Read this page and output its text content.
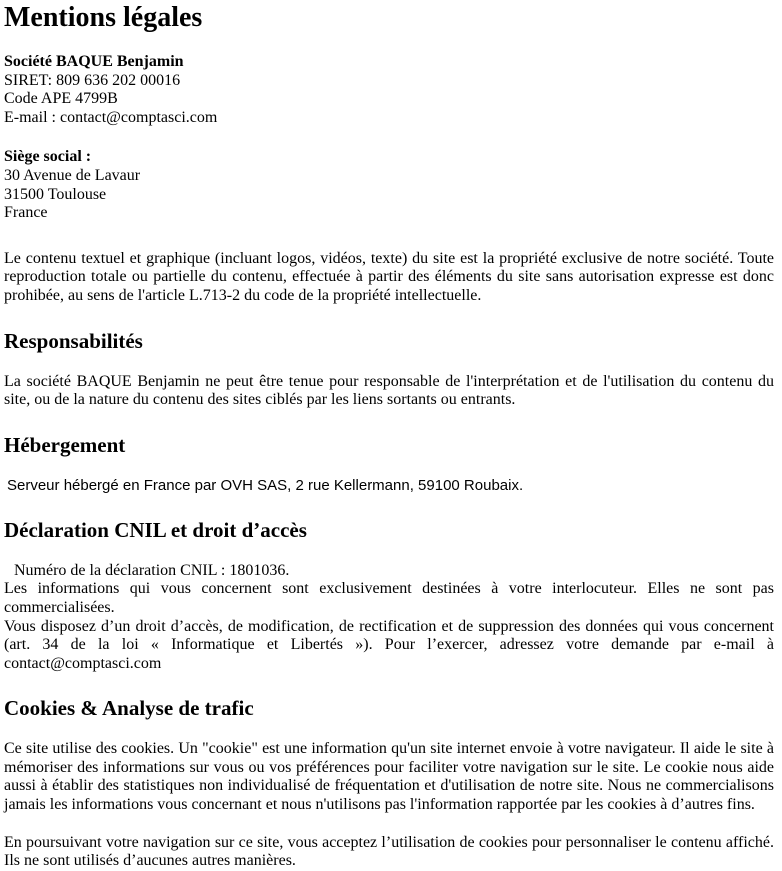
Mentions légales
Société BAQUE Benjamin
SIRET: 809 636 202 00016
Code APE 4799B
E-mail : contact@comptasci.com
Siège social :
30 Avenue de Lavaur
31500 Toulouse
France

Le contenu textuel et graphique (incluant logos, vidéos, texte) du site est la propriété exclusive de notre société. Toute reproduction totale ou partielle du contenu, effectuée à partir des éléments du site sans autorisation expresse est donc prohibée, au sens de l'article L.713-2 du code de la propriété intellectuelle.

Responsabilités

La société BAQUE Benjamin ne peut être tenue pour responsable de l'interprétation et de l'utilisation du contenu du site, ou de la nature du contenu des sites ciblés par les liens sortants ou entrants.

Hébergement

Serveur hébergé en France par OVH SAS, 2 rue Kellermann, 59100 Roubaix.

Déclaration CNIL et droit d’accès
Numéro de la déclaration CNIL : 1801036.
Les informations qui vous concernent sont exclusivement destinées à votre interlocuteur. Elles ne sont pas commercialisées.
Vous disposez d’un droit d’accès, de modification, de rectification et de suppression des données qui vous concernent (art. 34 de la loi « Informatique et Libertés »). Pour l’exercer, adressez votre demande par e-mail à contact@comptasci.com
Cookies & Analyse de trafic

Ce site utilise des cookies. Un "cookie" est une information qu'un site internet envoie à votre navigateur. Il aide le site à mémoriser des informations sur vous ou vos préférences pour faciliter votre navigation sur le site. Le cookie nous aide aussi à établir des statistiques non individualisé de fréquentation et d'utilisation de notre site. Nous ne commercialisons jamais les informations vous concernant et nous n'utilisons pas l'information rapportée par les cookies à d’autres fins.

En poursuivant votre navigation sur ce site, vous acceptez l’utilisation de cookies pour personnaliser le contenu affiché. Ils ne sont utilisés d’aucunes autres manières.
